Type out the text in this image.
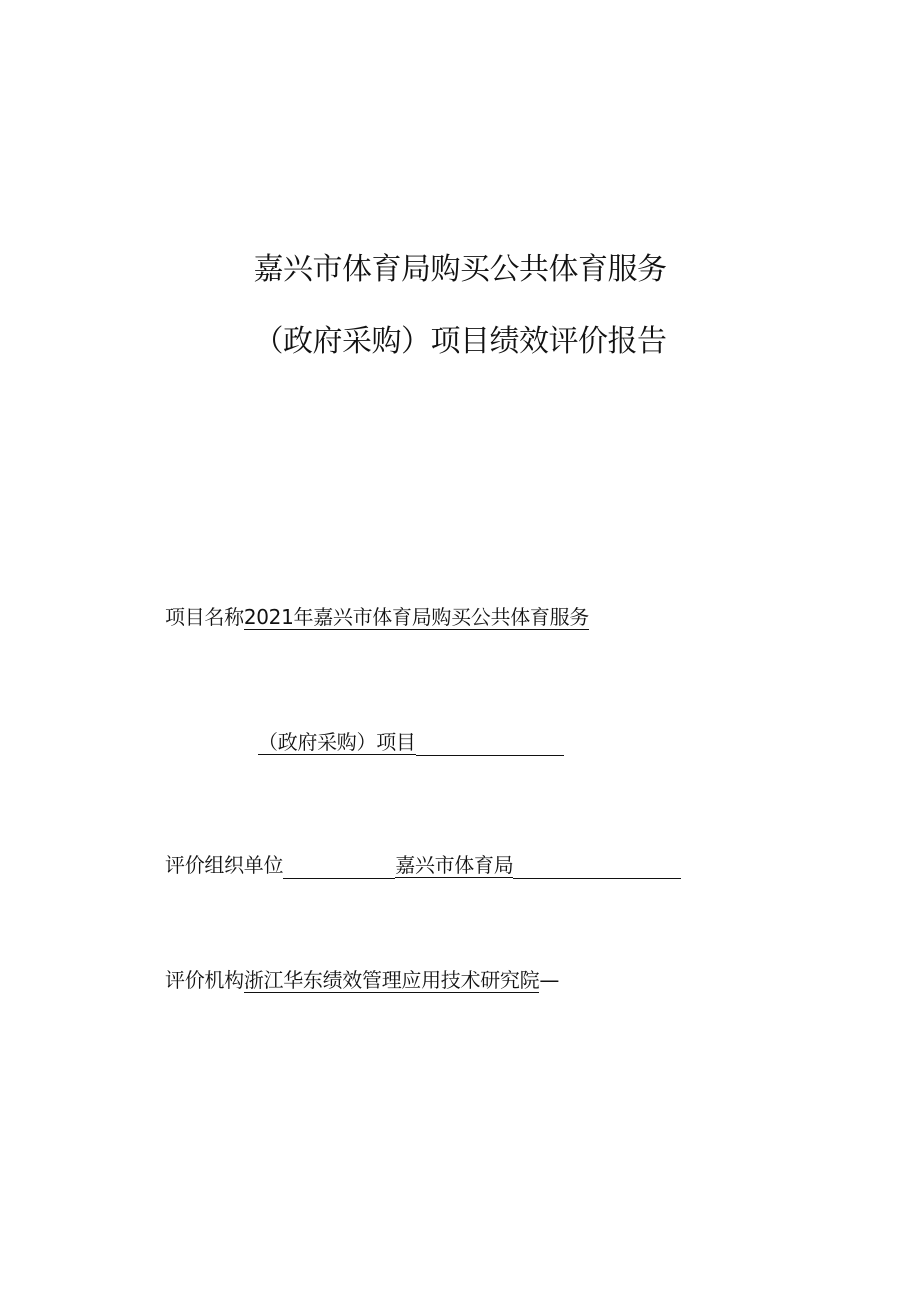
嘉兴市体育局购买公共体育服务
（政府采购）项目绩效评价报告
项目名称2021年嘉兴市体育局购买公共体育服务
（政府采购）项目
评价组织单位	嘉兴市体育局
评价机构浙江华东绩效管理应用技术研究院—
